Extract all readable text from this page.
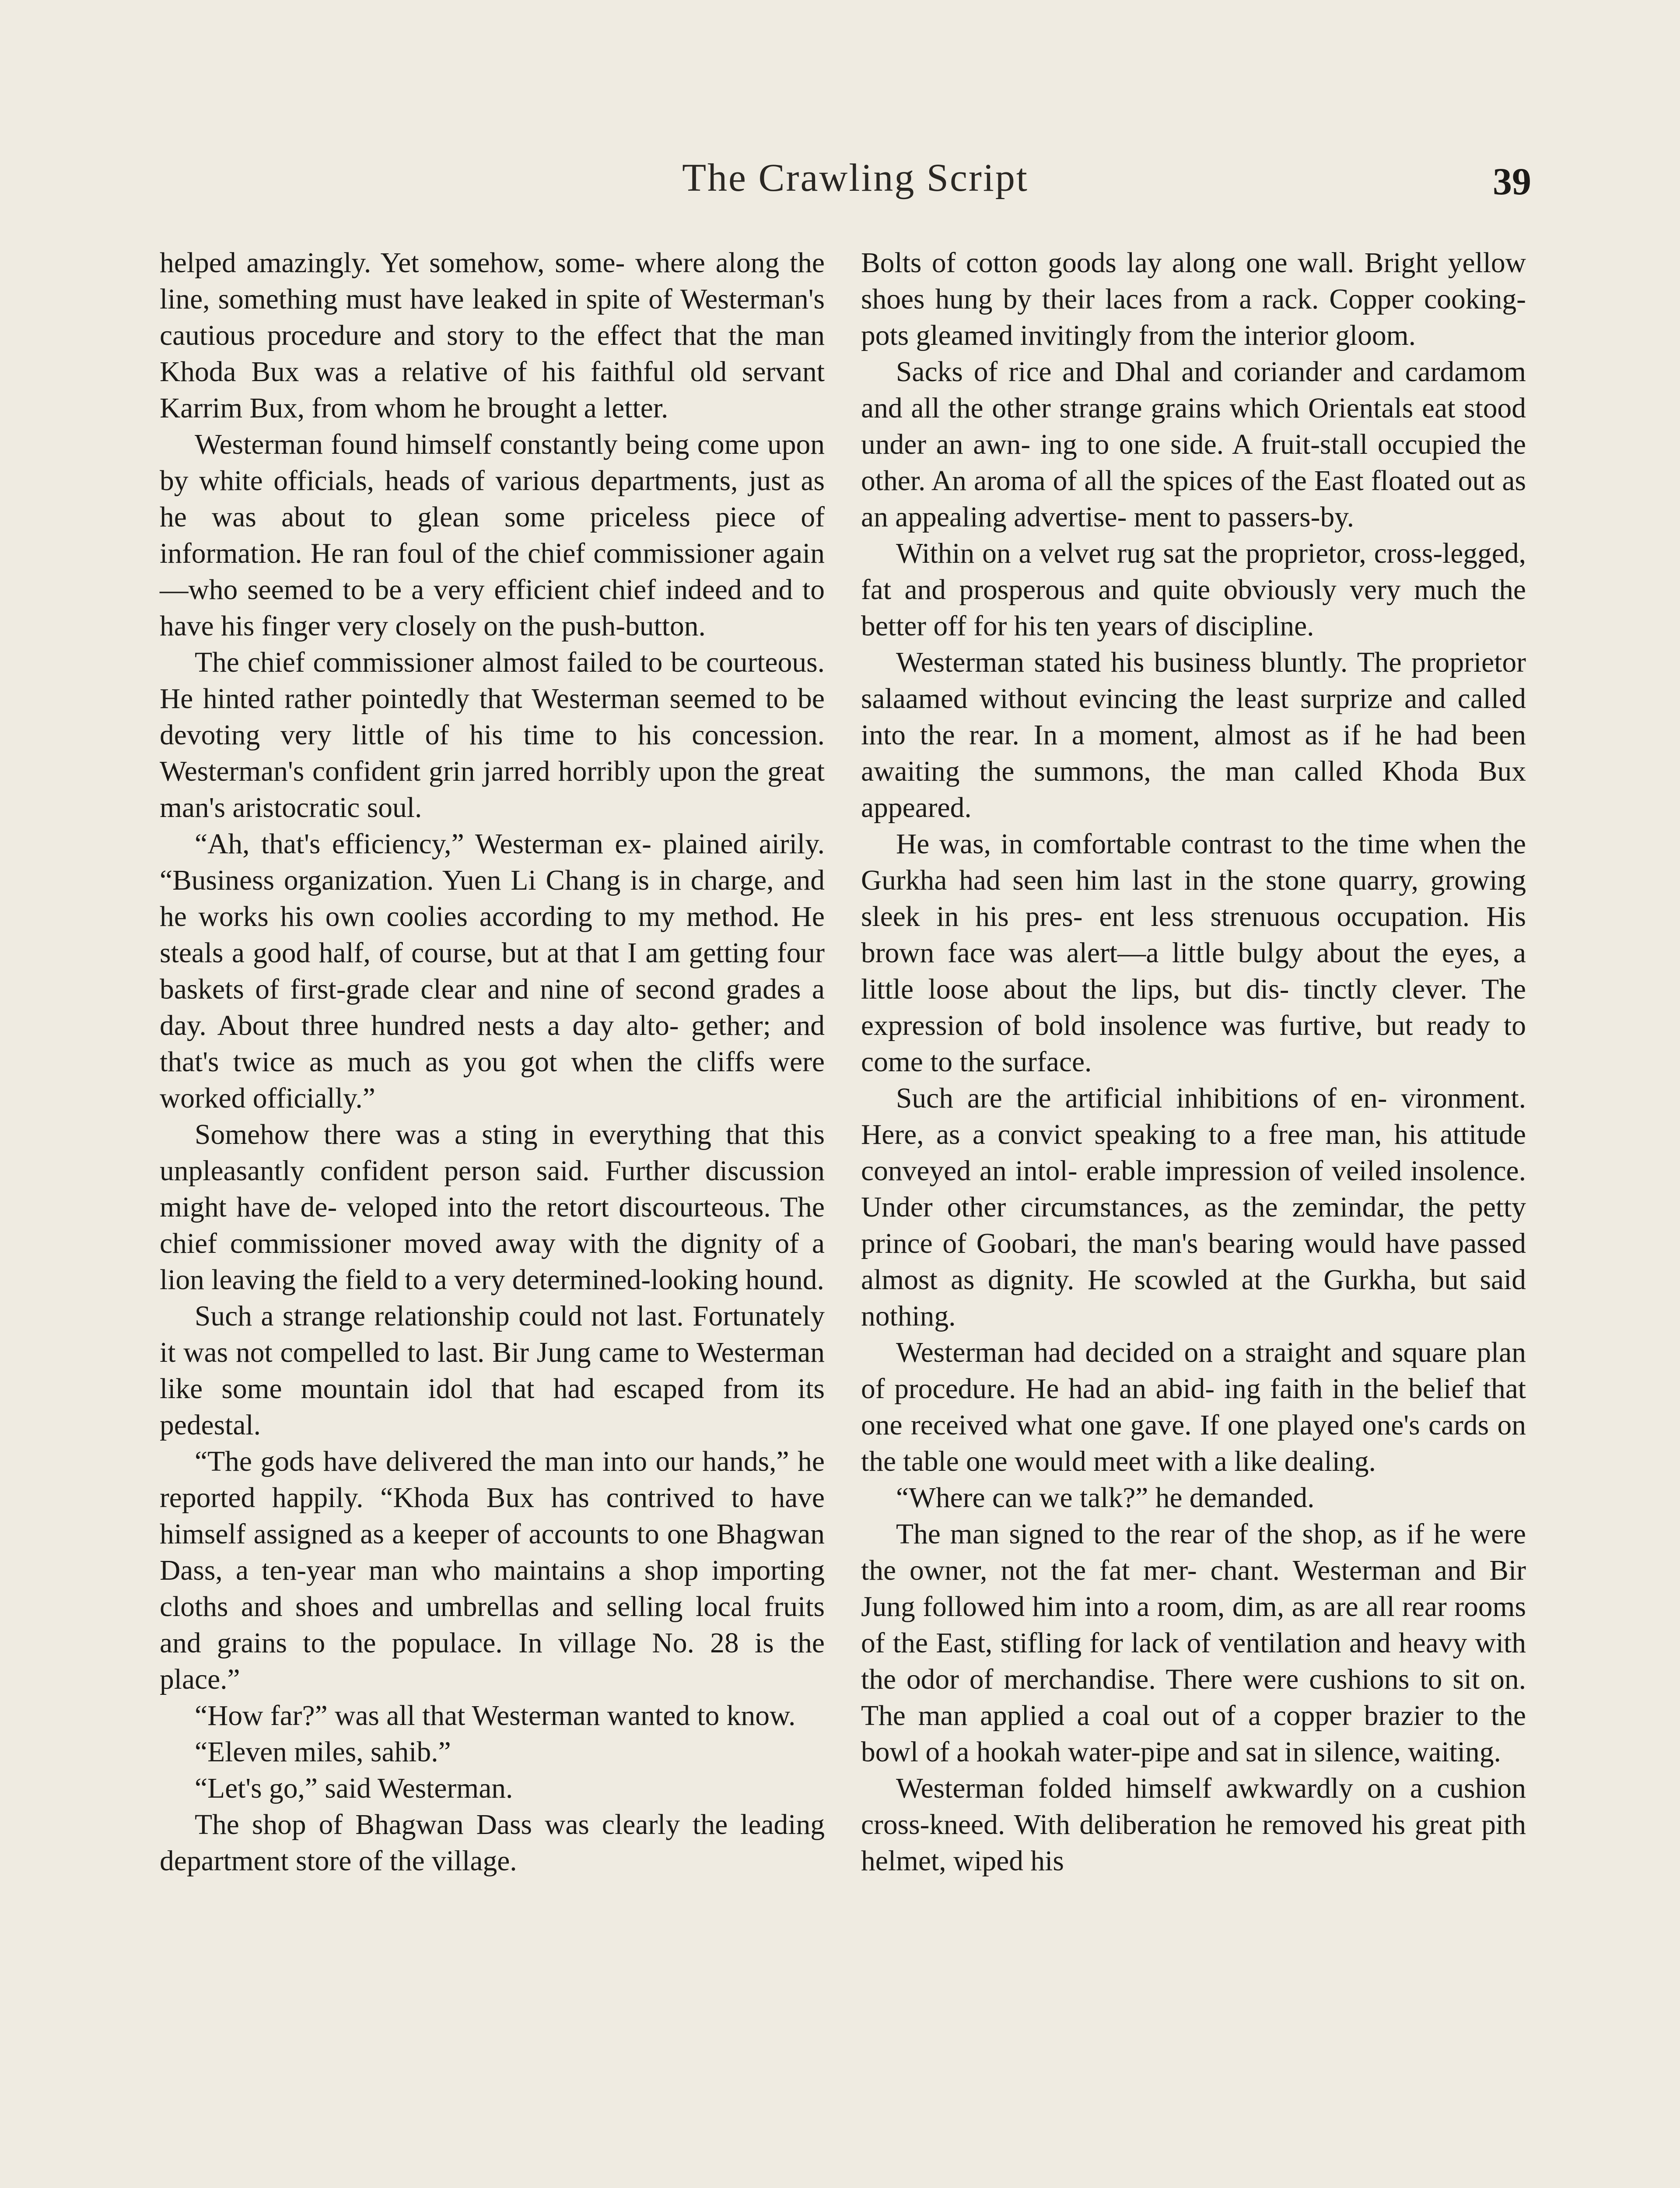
The Crawling Script	39

helped amazingly. Yet somehow, some- where along the line, something must have leaked in spite of Westerman's cautious procedure and story to the effect that the man Khoda Bux was a relative of his faithful old servant Karrim Bux, from whom he brought a letter.

Westerman found himself constantly being come upon by white officials, heads of various departments, just as he was about to glean some priceless piece of information. He ran foul of the chief commissioner again —who seemed to be a very efficient chief indeed and to have his finger very closely on the push-button.

The chief commissioner almost failed to be courteous. He hinted rather pointedly that Westerman seemed to be devoting very little of his time to his concession. Westerman's confident grin jarred horribly upon the great man's aristocratic soul.

“Ah, that's efficiency,” Westerman ex- plained airily. “Business organization. Yuen Li Chang is in charge, and he works his own coolies according to my method. He steals a good half, of course, but at that I am getting four baskets of first-grade clear and nine of second grades a day. About three hundred nests a day alto- gether; and that's twice as much as you got when the cliffs were worked officially.”

Somehow there was a sting in everything that this unpleasantly confident person said. Further discussion might have de- veloped into the retort discourteous. The chief commissioner moved away with the dignity of a lion leaving the field to a very determined-looking hound.

Such a strange relationship could not last. Fortunately it was not compelled to last. Bir Jung came to Westerman like some mountain idol that had escaped from its pedestal.

“The gods have delivered the man into our hands,” he reported happily. “Khoda Bux has contrived to have himself assigned as a keeper of accounts to one Bhagwan Dass, a ten-year man who maintains a shop importing cloths and shoes and umbrellas and selling local fruits and grains to the populace. In village No. 28 is the place.”

“How far?” was all that Westerman wanted to know.

“Eleven miles, sahib.”

“Let's go,” said Westerman.

The shop of Bhagwan Dass was clearly the leading department store of the village.

Bolts of cotton goods lay along one wall. Bright yellow shoes hung by their laces from a rack. Copper cooking-pots gleamed invitingly from the interior gloom.

Sacks of rice and Dhal and coriander and cardamom and all the other strange grains which Orientals eat stood under an awn- ing to one side. A fruit-stall occupied the other. An aroma of all the spices of the East floated out as an appealing advertise- ment to passers-by.

Within on a velvet rug sat the proprietor, cross-legged, fat and prosperous and quite obviously very much the better off for his ten years of discipline.

Westerman stated his business bluntly. The proprietor salaamed without evincing the least surprize and called into the rear. In a moment, almost as if he had been awaiting the summons, the man called Khoda Bux appeared.

He was, in comfortable contrast to the time when the Gurkha had seen him last in the stone quarry, growing sleek in his pres- ent less strenuous occupation. His brown face was alert—a little bulgy about the eyes, a little loose about the lips, but dis- tinctly clever. The expression of bold insolence was furtive, but ready to come to the surface.

Such are the artificial inhibitions of en- vironment. Here, as a convict speaking to a free man, his attitude conveyed an intol- erable impression of veiled insolence. Under other circumstances, as the zemindar, the petty prince of Goobari, the man's bearing would have passed almost as dignity. He scowled at the Gurkha, but said nothing.

Westerman had decided on a straight and square plan of procedure. He had an abid- ing faith in the belief that one received what one gave. If one played one's cards on the table one would meet with a like dealing.

“Where can we talk?” he demanded.

The man signed to the rear of the shop, as if he were the owner, not the fat mer- chant. Westerman and Bir Jung followed him into a room, dim, as are all rear rooms of the East, stifling for lack of ventilation and heavy with the odor of merchandise. There were cushions to sit on. The man applied a coal out of a copper brazier to the bowl of a hookah water-pipe and sat in silence, waiting.

Westerman folded himself awkwardly on a cushion cross-kneed. With deliberation he removed his great pith helmet, wiped his
